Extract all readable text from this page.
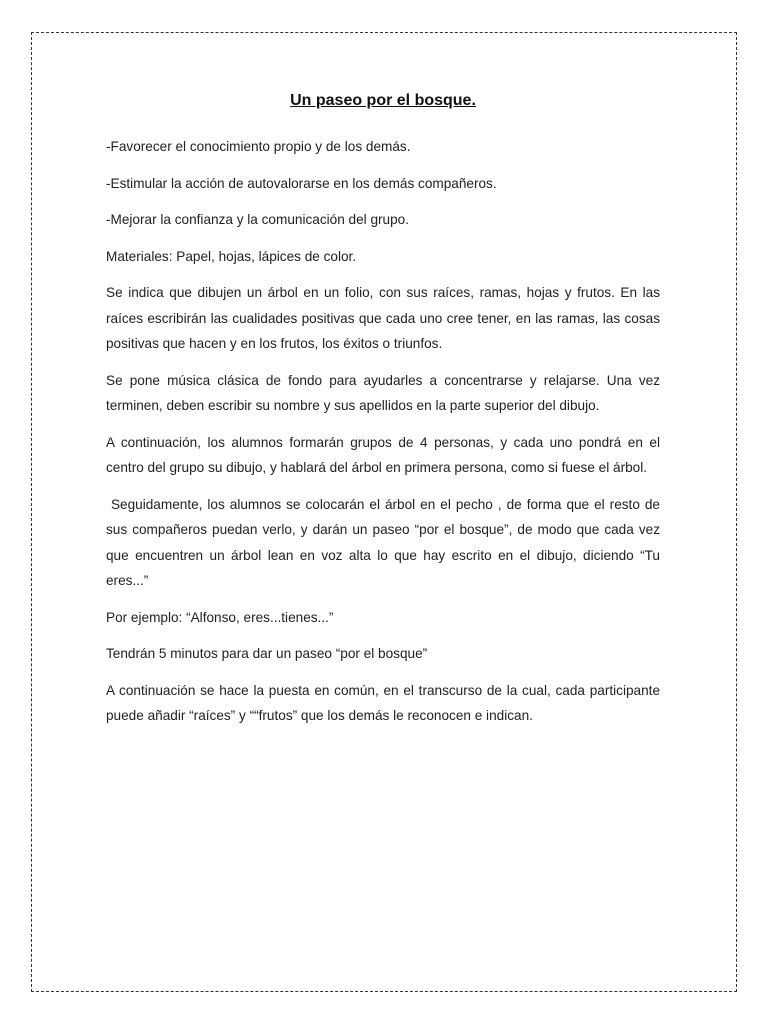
Un paseo por el bosque.

-Favorecer el conocimiento propio y de los demás.

-Estimular la acción de autovalorarse en los demás compañeros.

-Mejorar la confianza y la comunicación del grupo.

Materiales: Papel, hojas, lápices de color.

Se indica que dibujen un árbol en un folio, con sus raíces, ramas, hojas y frutos. En las raíces escribirán las cualidades positivas que cada uno cree tener, en las ramas, las cosas positivas que hacen y en los frutos, los éxitos o triunfos.

Se pone música clásica de fondo para ayudarles a concentrarse y relajarse. Una vez terminen, deben escribir su nombre y sus apellidos en la parte superior del dibujo.

A continuación, los alumnos formarán grupos de 4 personas, y cada uno pondrá en el centro del grupo su dibujo, y hablará del árbol en primera persona, como si fuese el árbol.

Seguidamente, los alumnos se colocarán el árbol en el pecho , de forma que el resto de sus compañeros puedan verlo, y darán un paseo “por el bosque”, de modo que cada vez que encuentren un árbol lean en voz alta lo que hay escrito en el dibujo, diciendo “Tu eres...”

Por ejemplo: “Alfonso, eres...tienes...”

Tendrán 5 minutos para dar un paseo “por el bosque”

A continuación se hace la puesta en común, en el transcurso de la cual, cada participante puede añadir “raíces” y ““frutos” que los demás le reconocen e indican.
